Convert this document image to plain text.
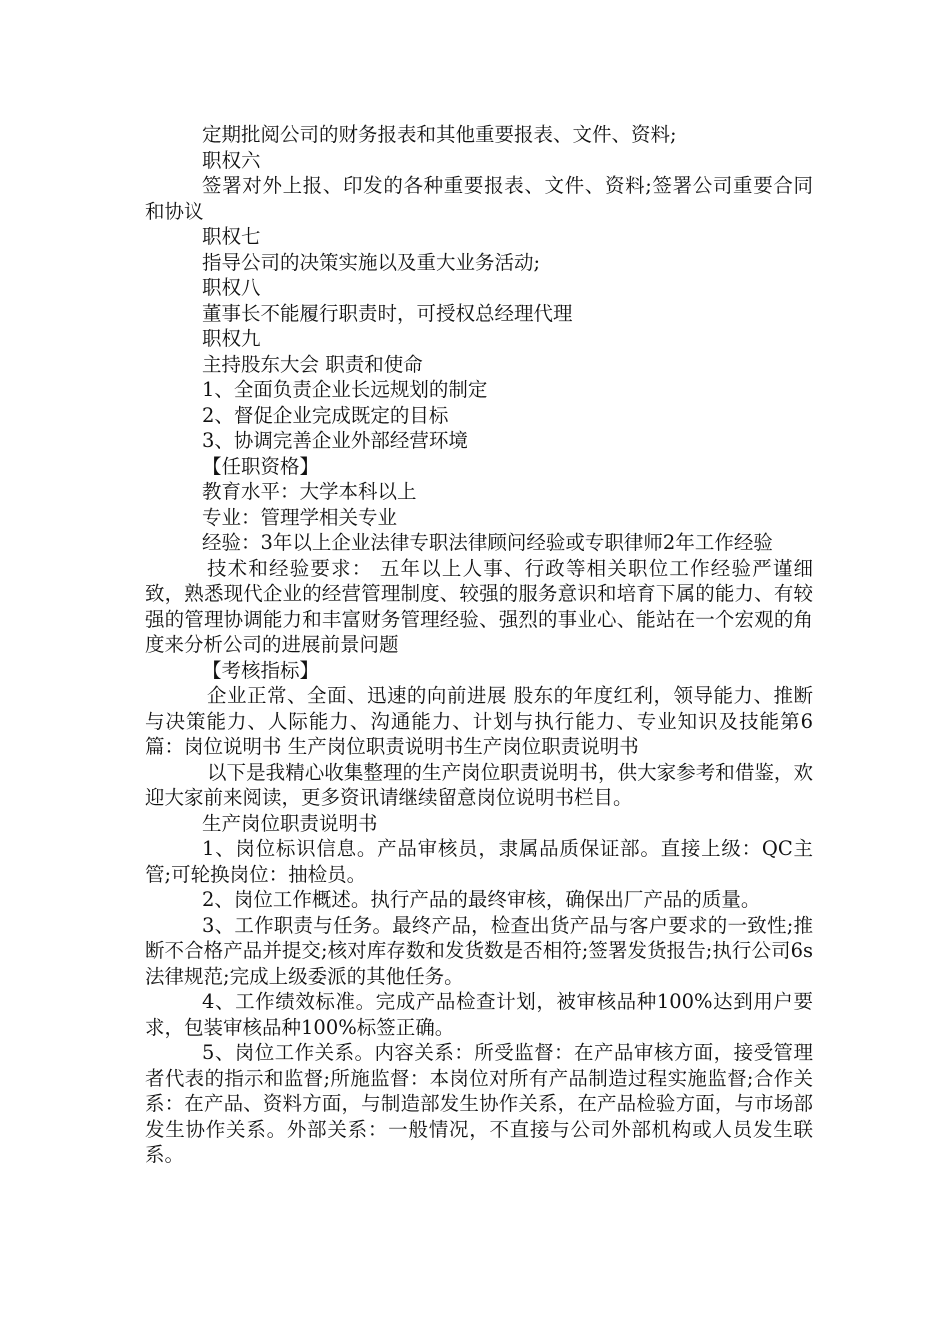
定期批阅公司的财务报表和其他重要报表、文件、资料;

职权六

签署对外上报、印发的各种重要报表、文件、资料;签署公司重要合同和协议

职权七

指导公司的决策实施以及重大业务活动;

职权八

董事长不能履行职责时，可授权总经理代理

职权九

主持股东大会 职责和使命

1、全面负责企业长远规划的制定

2、督促企业完成既定的目标

3、协调完善企业外部经营环境

【任职资格】

教育水平：大学本科以上

专业：管理学相关专业

经验：3年以上企业法律专职法律顾问经验或专职律师2年工作经验

技术和经验要求： 五年以上人事、行政等相关职位工作经验严谨细致，熟悉现代企业的经营管理制度、较强的服务意识和培育下属的能力、有较强的管理协调能力和丰富财务管理经验、强烈的事业心、能站在一个宏观的角度来分析公司的进展前景问题

【考核指标】

企业正常、全面、迅速的向前进展 股东的年度红利，领导能力、推断与决策能力、人际能力、沟通能力、计划与执行能力、专业知识及技能第6篇：岗位说明书 生产岗位职责说明书生产岗位职责说明书

以下是我精心收集整理的生产岗位职责说明书，供大家参考和借鉴，欢迎大家前来阅读，更多资讯请继续留意岗位说明书栏目。

生产岗位职责说明书

1、岗位标识信息。产品审核员，隶属品质保证部。直接上级：QC主管;可轮换岗位：抽检员。

2、岗位工作概述。执行产品的最终审核，确保出厂产品的质量。

3、工作职责与任务。最终产品，检查出货产品与客户要求的一致性;推断不合格产品并提交;核对库存数和发货数是否相符;签署发货报告;执行公司6s法律规范;完成上级委派的其他任务。

4、工作绩效标准。完成产品检查计划，被审核品种100%达到用户要求，包装审核品种100%标签正确。

5、岗位工作关系。内容关系：所受监督：在产品审核方面，接受管理者代表的指示和监督;所施监督：本岗位对所有产品制造过程实施监督;合作关系：在产品、资料方面，与制造部发生协作关系，在产品检验方面，与市场部发生协作关系。外部关系：一般情况，不直接与公司外部机构或人员发生联系。
